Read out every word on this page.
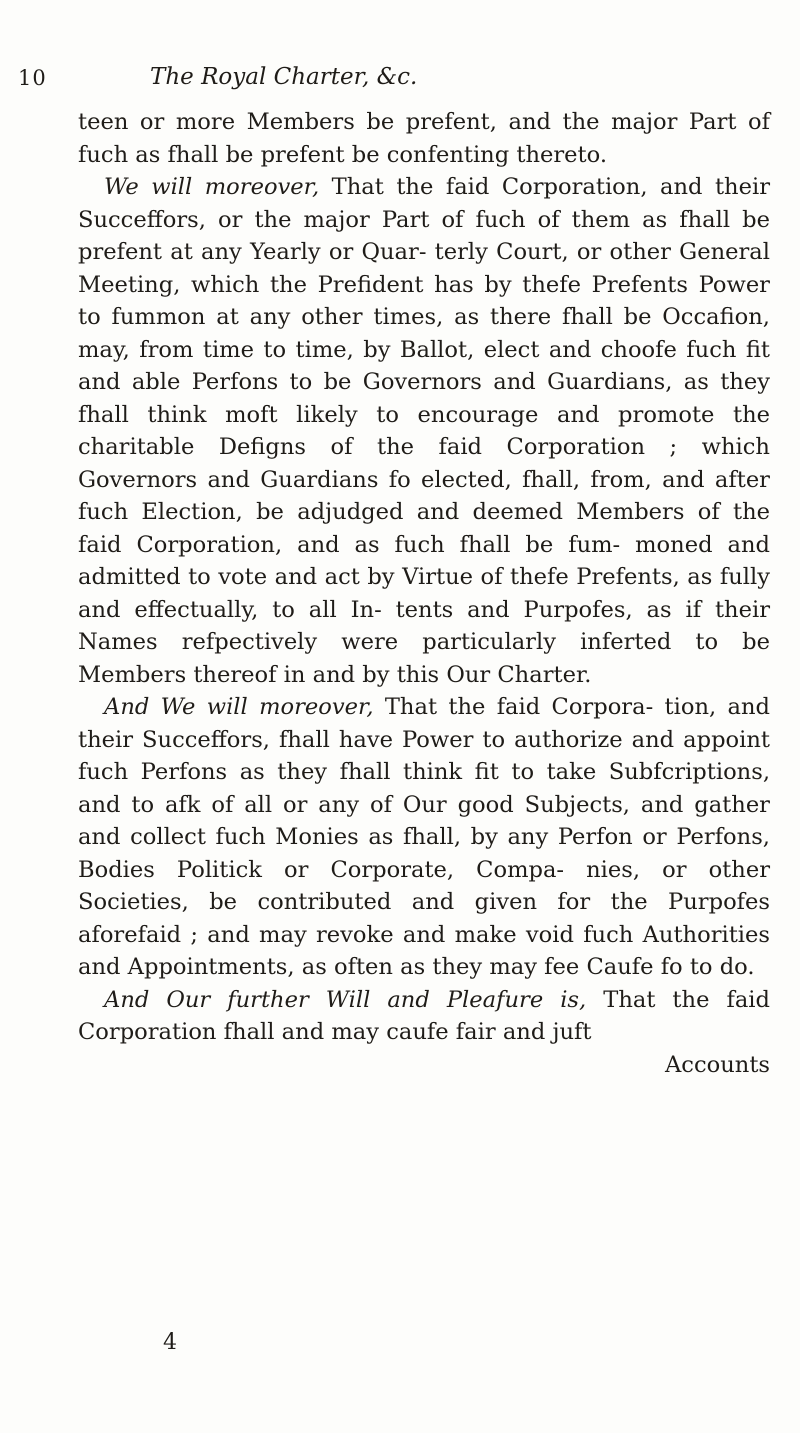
10	The Royal Charter, &c.

teen or more Members be prefent, and the major Part of fuch as fhall be prefent be confenting thereto.

We will moreover, That the faid Corporation, and their Succeffors, or the major Part of fuch of them as fhall be prefent at any Yearly or Quar- terly Court, or other General Meeting, which the Prefident has by thefe Prefents Power to fummon at any other times, as there fhall be Occafion, may, from time to time, by Ballot, elect and choofe fuch fit and able Perfons to be Governors and Guardians, as they fhall think moft likely to encourage and promote the charitable Defigns of the faid Corporation ; which Governors and Guardians fo elected, fhall, from, and after fuch Election, be adjudged and deemed Members of the faid Corporation, and as fuch fhall be fum- moned and admitted to vote and act by Virtue of thefe Prefents, as fully and effectually, to all In- tents and Purpofes, as if their Names refpectively were particularly inferted to be Members thereof in and by this Our Charter.

And We will moreover, That the faid Corpora- tion, and their Succeffors, fhall have Power to authorize and appoint fuch Perfons as they fhall think fit to take Subfcriptions, and to afk of all or any of Our good Subjects, and gather and collect fuch Monies as fhall, by any Perfon or Perfons, Bodies Politick or Corporate, Compa- nies, or other Societies, be contributed and given for the Purpofes aforefaid ; and may revoke and make void fuch Authorities and Appointments, as often as they may fee Caufe fo to do.

And Our further Will and Pleafure is, That the faid Corporation fhall and may caufe fair and juft

Accounts

4
